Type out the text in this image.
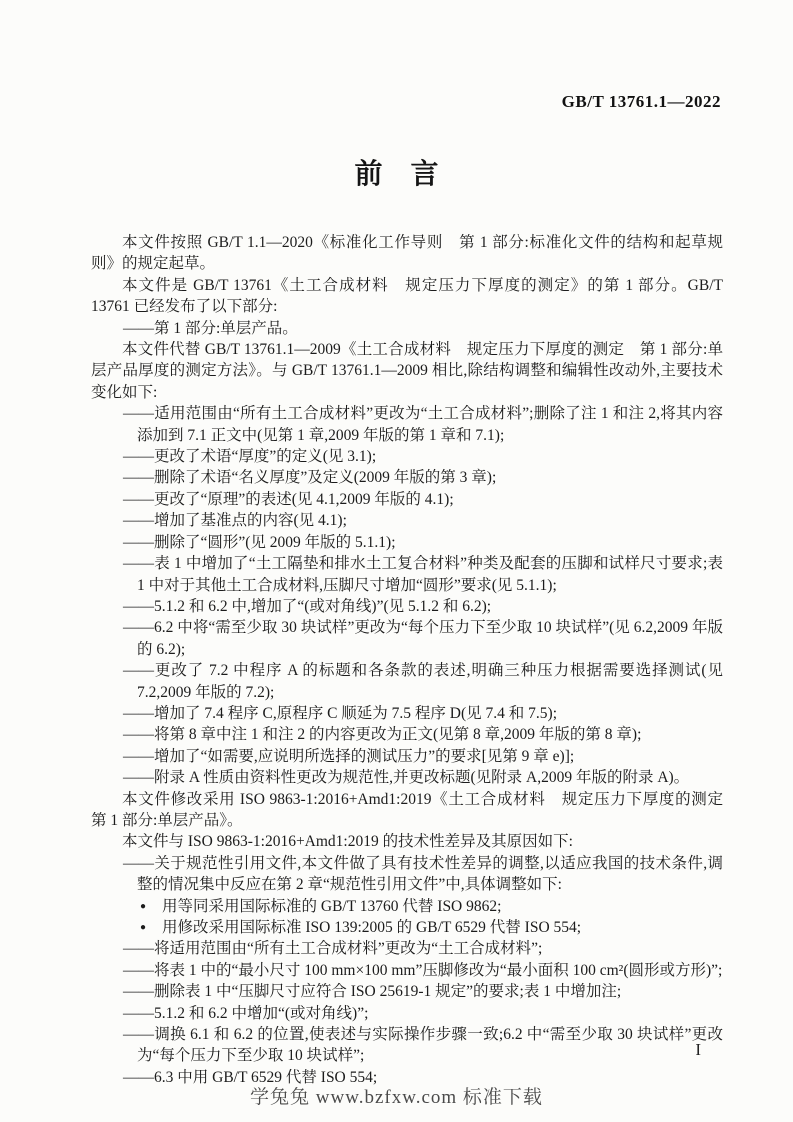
GB/T 13761.1—2022
前　言
本文件按照 GB/T 1.1—2020《标准化工作导则　第 1 部分:标准化文件的结构和起草规则》的规定起草。
本文件是 GB/T 13761《土工合成材料　规定压力下厚度的测定》的第 1 部分。GB/T 13761 已经发布了以下部分:
——第 1 部分:单层产品。
本文件代替 GB/T 13761.1—2009《土工合成材料　规定压力下厚度的测定　第 1 部分:单层产品厚度的测定方法》。与 GB/T 13761.1—2009 相比,除结构调整和编辑性改动外,主要技术变化如下:
——适用范围由“所有土工合成材料”更改为“土工合成材料”;删除了注 1 和注 2,将其内容添加到 7.1 正文中(见第 1 章,2009 年版的第 1 章和 7.1);
——更改了术语“厚度”的定义(见 3.1);
——删除了术语“名义厚度”及定义(2009 年版的第 3 章);
——更改了“原理”的表述(见 4.1,2009 年版的 4.1);
——增加了基准点的内容(见 4.1);
——删除了“圆形”(见 2009 年版的 5.1.1);
——表 1 中增加了“土工隔垫和排水土工复合材料”种类及配套的压脚和试样尺寸要求;表 1 中对于其他土工合成材料,压脚尺寸增加“圆形”要求(见 5.1.1);
——5.1.2 和 6.2 中,增加了“(或对角线)”(见 5.1.2 和 6.2);
——6.2 中将“需至少取 30 块试样”更改为“每个压力下至少取 10 块试样”(见 6.2,2009 年版的 6.2);
——更改了 7.2 中程序 A 的标题和各条款的表述,明确三种压力根据需要选择测试(见 7.2,2009 年版的 7.2);
——增加了 7.4 程序 C,原程序 C 顺延为 7.5 程序 D(见 7.4 和 7.5);
——将第 8 章中注 1 和注 2 的内容更改为正文(见第 8 章,2009 年版的第 8 章);
——增加了“如需要,应说明所选择的测试压力”的要求[见第 9 章 e)];
——附录 A 性质由资料性更改为规范性,并更改标题(见附录 A,2009 年版的附录 A)。
本文件修改采用 ISO 9863-1:2016+Amd1:2019《土工合成材料　规定压力下厚度的测定　第 1 部分:单层产品》。
本文件与 ISO 9863-1:2016+Amd1:2019 的技术性差异及其原因如下:
——关于规范性引用文件,本文件做了具有技术性差异的调整,以适应我国的技术条件,调整的情况集中反应在第 2 章“规范性引用文件”中,具体调整如下:
● 用等同采用国际标准的 GB/T 13760 代替 ISO 9862;
● 用修改采用国际标准 ISO 139:2005 的 GB/T 6529 代替 ISO 554;
——将适用范围由“所有土工合成材料”更改为“土工合成材料”;
——将表 1 中的“最小尺寸 100 mm×100 mm”压脚修改为“最小面积 100 cm²(圆形或方形)”;
——删除表 1 中“压脚尺寸应符合 ISO 25619-1 规定”的要求;表 1 中增加注;
——5.1.2 和 6.2 中增加“(或对角线)”;
——调换 6.1 和 6.2 的位置,使表述与实际操作步骤一致;6.2 中“需至少取 30 块试样”更改为“每个压力下至少取 10 块试样”;
——6.3 中用 GB/T 6529 代替 ISO 554;
I
学兔兔 www.bzfxw.com 标准下载
